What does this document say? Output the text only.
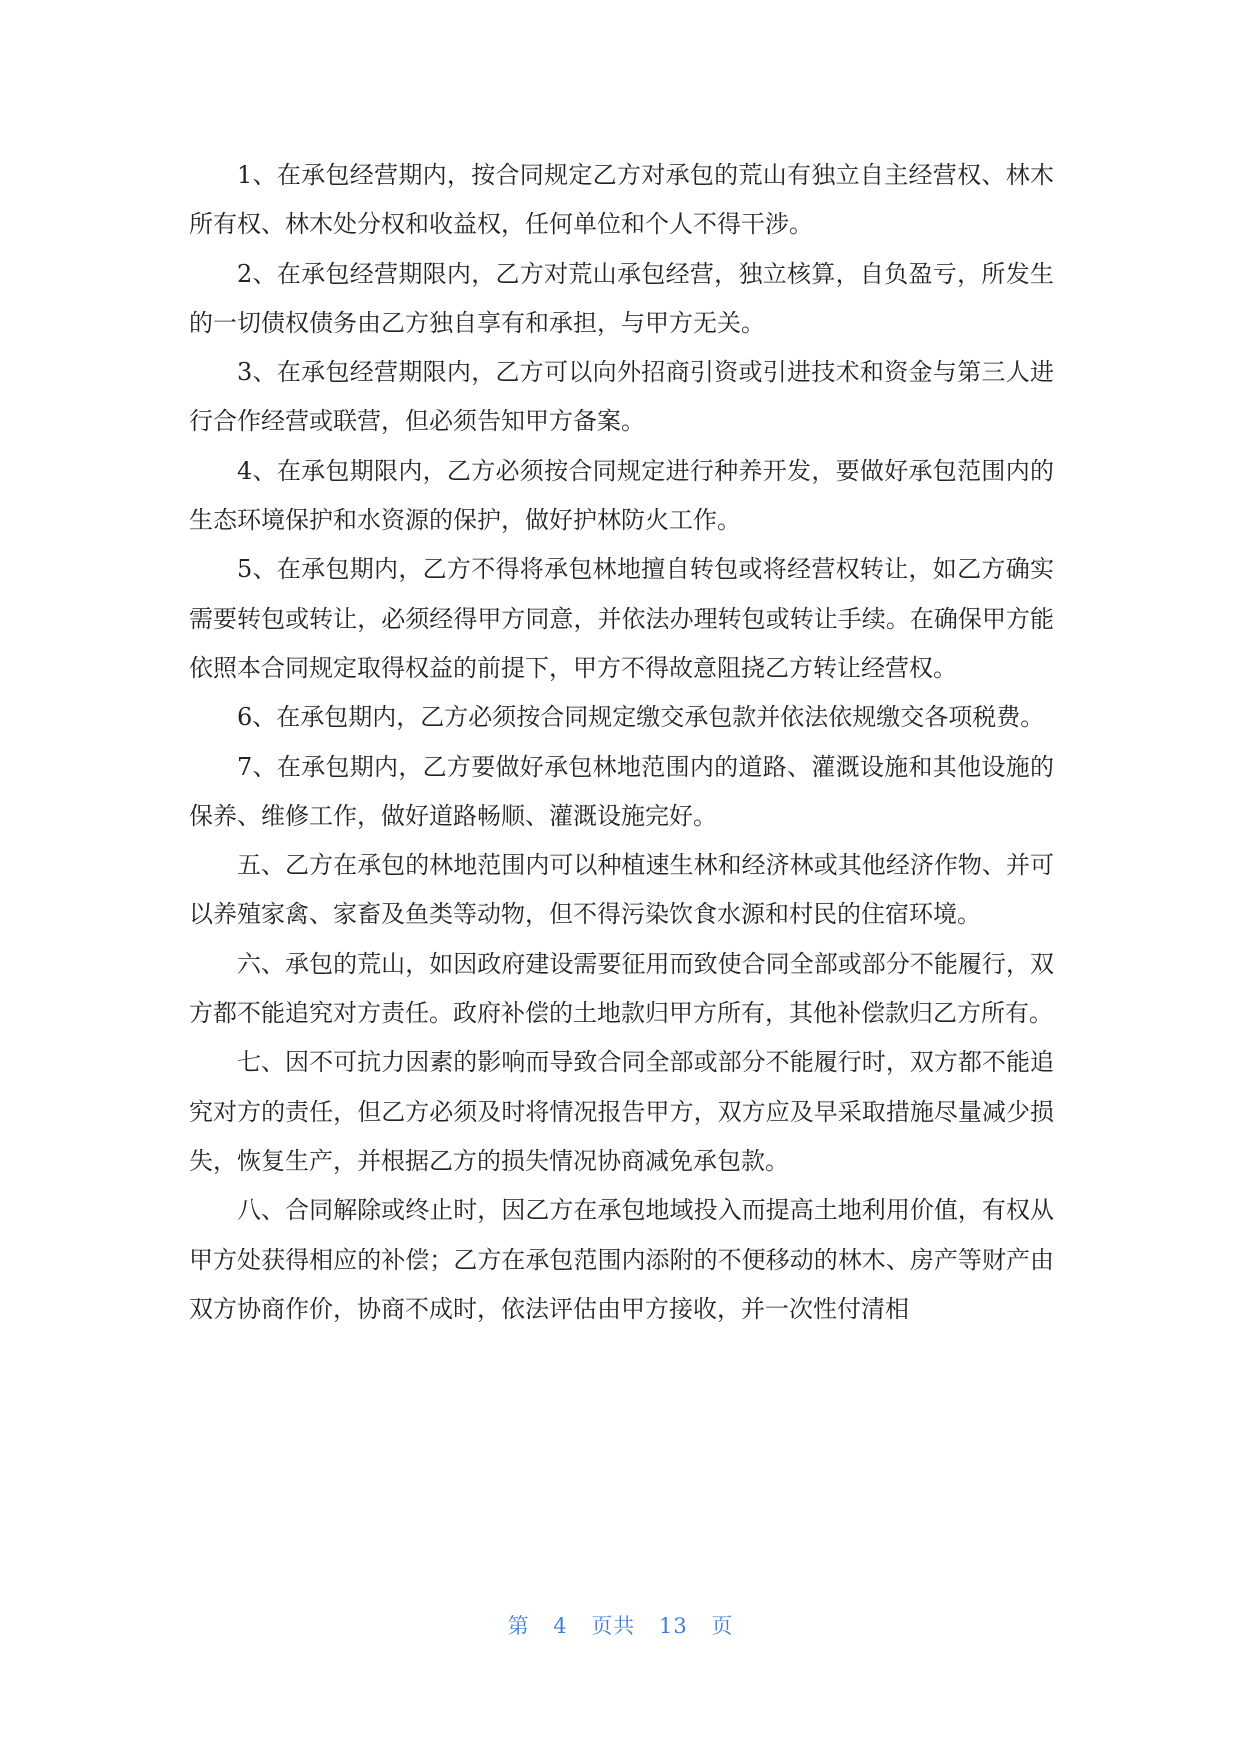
1、在承包经营期内，按合同规定乙方对承包的荒山有独立自主经营权、林木所有权、林木处分权和收益权，任何单位和个人不得干涉。

2、在承包经营期限内，乙方对荒山承包经营，独立核算，自负盈亏，所发生的一切债权债务由乙方独自享有和承担，与甲方无关。

3、在承包经营期限内，乙方可以向外招商引资或引进技术和资金与第三人进行合作经营或联营，但必须告知甲方备案。

4、在承包期限内，乙方必须按合同规定进行种养开发，要做好承包范围内的生态环境保护和水资源的保护，做好护林防火工作。

5、在承包期内，乙方不得将承包林地擅自转包或将经营权转让，如乙方确实需要转包或转让，必须经得甲方同意，并依法办理转包或转让手续。在确保甲方能依照本合同规定取得权益的前提下，甲方不得故意阻挠乙方转让经营权。

6、在承包期内，乙方必须按合同规定缴交承包款并依法依规缴交各项税费。

7、在承包期内，乙方要做好承包林地范围内的道路、灌溉设施和其他设施的保养、维修工作，做好道路畅顺、灌溉设施完好。

五、乙方在承包的林地范围内可以种植速生林和经济林或其他经济作物、并可以养殖家禽、家畜及鱼类等动物，但不得污染饮食水源和村民的住宿环境。

六、承包的荒山，如因政府建设需要征用而致使合同全部或部分不能履行，双方都不能追究对方责任。政府补偿的土地款归甲方所有，其他补偿款归乙方所有。

七、因不可抗力因素的影响而导致合同全部或部分不能履行时，双方都不能追究对方的责任，但乙方必须及时将情况报告甲方，双方应及早采取措施尽量减少损失，恢复生产，并根据乙方的损失情况协商减免承包款。

八、合同解除或终止时，因乙方在承包地域投入而提高土地利用价值，有权从甲方处获得相应的补偿；乙方在承包范围内添附的不便移动的林木、房产等财产由双方协商作价，协商不成时，依法评估由甲方接收，并一次性付清相

第 4 页共 13 页
